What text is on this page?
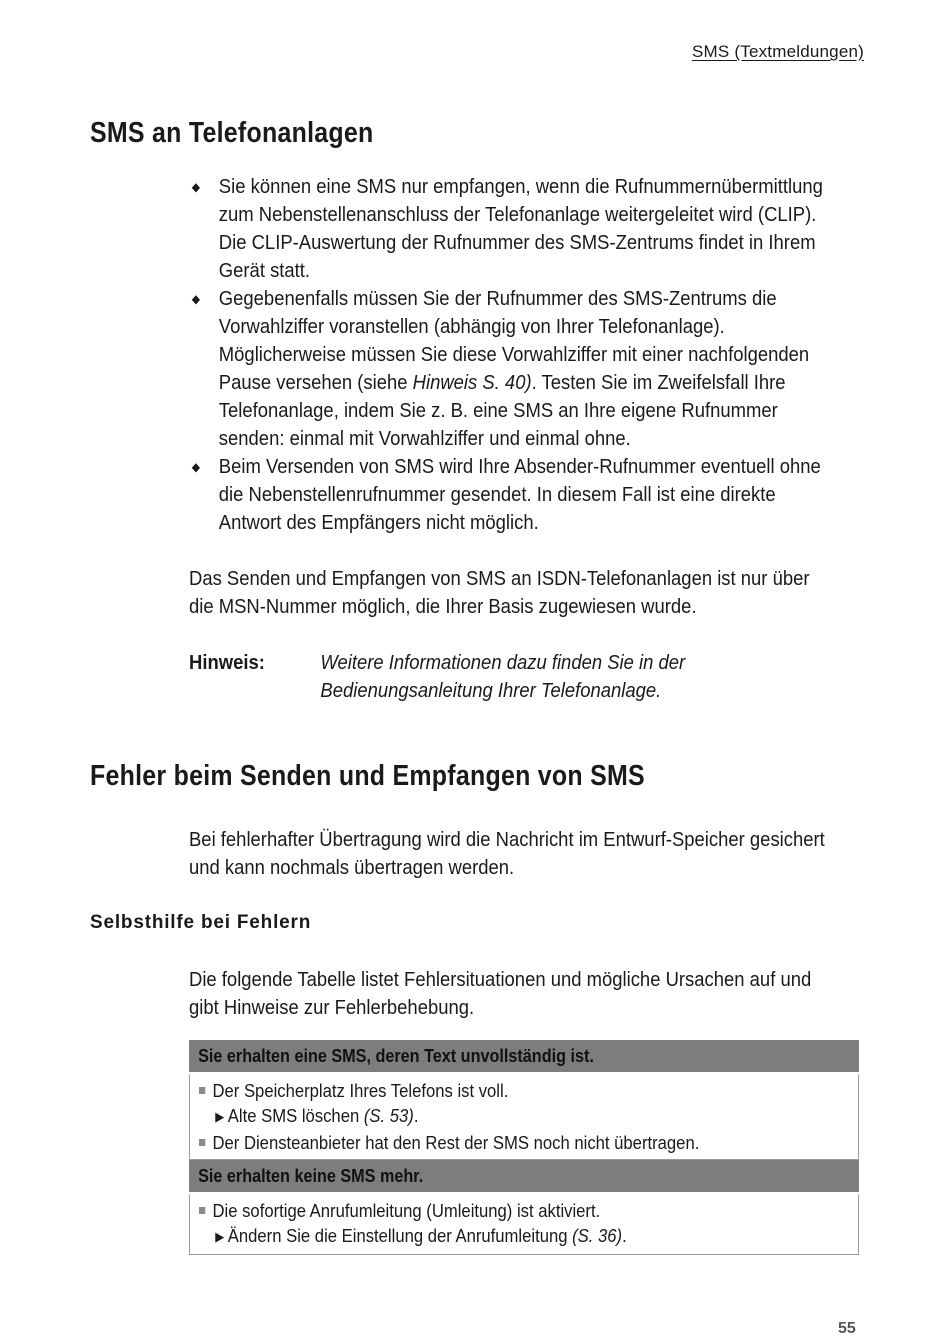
SMS (Textmeldungen)
SMS an Telefonanlagen
◆ Sie können eine SMS nur empfangen, wenn die Rufnummernübermittlung
zum Nebenstellenanschluss der Telefonanlage weitergeleitet wird (CLIP).
Die CLIP-Auswertung der Rufnummer des SMS-Zentrums findet in Ihrem
Gerät statt.
◆ Gegebenenfalls müssen Sie der Rufnummer des SMS-Zentrums die
Vorwahlziffer voranstellen (abhängig von Ihrer Telefonanlage).
Möglicherweise müssen Sie diese Vorwahlziffer mit einer nachfolgenden
Pause versehen (siehe Hinweis S. 40). Testen Sie im Zweifelsfall Ihre
Telefonanlage, indem Sie z. B. eine SMS an Ihre eigene Rufnummer
senden: einmal mit Vorwahlziffer und einmal ohne.
◆ Beim Versenden von SMS wird Ihre Absender-Rufnummer eventuell ohne
die Nebenstellenrufnummer gesendet. In diesem Fall ist eine direkte
Antwort des Empfängers nicht möglich.
Das Senden und Empfangen von SMS an ISDN-Telefonanlagen ist nur über
die MSN-Nummer möglich, die Ihrer Basis zugewiesen wurde.
Hinweis:	Weitere Informationen dazu finden Sie in der
Bedienungsanleitung Ihrer Telefonanlage.
Fehler beim Senden und Empfangen von SMS
Bei fehlerhafter Übertragung wird die Nachricht im Entwurf-Speicher gesichert
und kann nochmals übertragen werden.
Selbsthilfe bei Fehlern
Die folgende Tabelle listet Fehlersituationen und mögliche Ursachen auf und
gibt Hinweise zur Fehlerbehebung.
Sie erhalten eine SMS, deren Text unvollständig ist.
Der Speicherplatz Ihres Telefons ist voll.
▶ Alte SMS löschen (S. 53).
Der Diensteanbieter hat den Rest der SMS noch nicht übertragen.
Sie erhalten keine SMS mehr.
Die sofortige Anrufumleitung (Umleitung) ist aktiviert.
▶ Ändern Sie die Einstellung der Anrufumleitung (S. 36).
55
